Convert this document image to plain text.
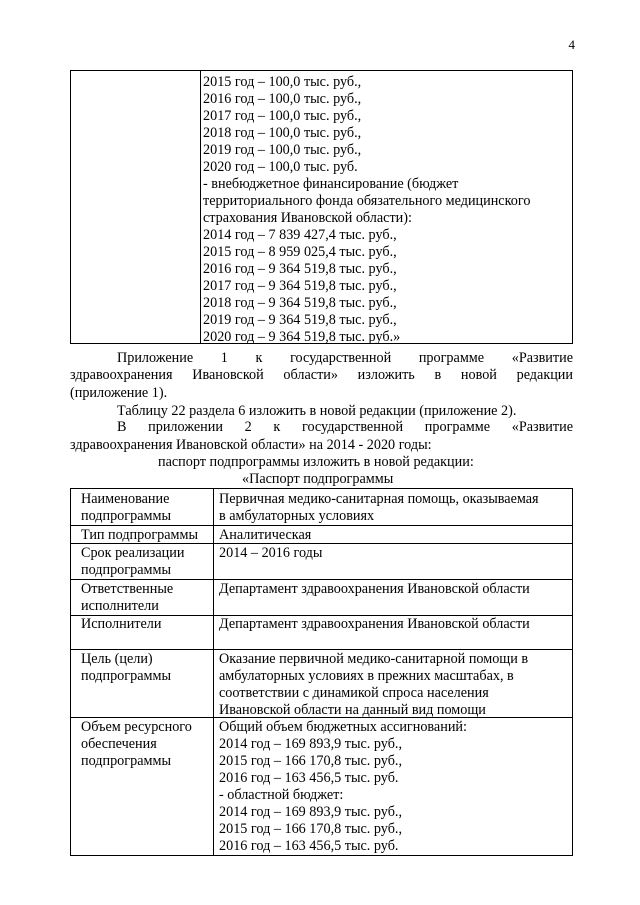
4
2015 год – 100,0 тыс. руб.,
2016 год – 100,0 тыс. руб.,
2017 год – 100,0 тыс. руб.,
2018 год – 100,0 тыс. руб.,
2019 год – 100,0 тыс. руб.,
2020 год – 100,0 тыс. руб.
- внебюджетное финансирование (бюджет
территориального фонда обязательного медицинского
страхования Ивановской области):
2014 год – 7 839 427,4 тыс. руб.,
2015 год – 8 959 025,4 тыс. руб.,
2016 год – 9 364 519,8 тыс. руб.,
2017 год – 9 364 519,8 тыс. руб.,
2018 год – 9 364 519,8 тыс. руб.,
2019 год – 9 364 519,8 тыс. руб.,
2020 год – 9 364 519,8 тыс. руб.»
Приложение 1 к государственной программе «Развитие
здравоохранения Ивановской области» изложить в новой редакции
(приложение 1).
Таблицу 22 раздела 6 изложить в новой редакции (приложение 2).
В приложении 2 к государственной программе «Развитие
здравоохранения Ивановской области» на 2014 - 2020 годы:
паспорт подпрограммы изложить в новой редакции:
«Паспорт подпрограммы
Наименование
подпрограммы
Первичная медико-санитарная помощь, оказываемая
в амбулаторных условиях
Тип подпрограммы Аналитическая
Срок реализации
подпрограммы
2014 – 2016 годы
Ответственные
исполнители
Департамент здравоохранения Ивановской области
Исполнители	Департамент здравоохранения Ивановской области
Цель (цели)
подпрограммы
Оказание первичной медико-санитарной помощи в
амбулаторных условиях в прежних масштабах, в
соответствии с динамикой спроса населения
Ивановской области на данный вид помощи
Объем ресурсного
обеспечения
подпрограммы
Общий объем бюджетных ассигнований:
2014 год – 169 893,9 тыс. руб.,
2015 год – 166 170,8 тыс. руб.,
2016 год – 163 456,5 тыс. руб.
- областной бюджет:
2014 год – 169 893,9 тыс. руб.,
2015 год – 166 170,8 тыс. руб.,
2016 год – 163 456,5 тыс. руб.
